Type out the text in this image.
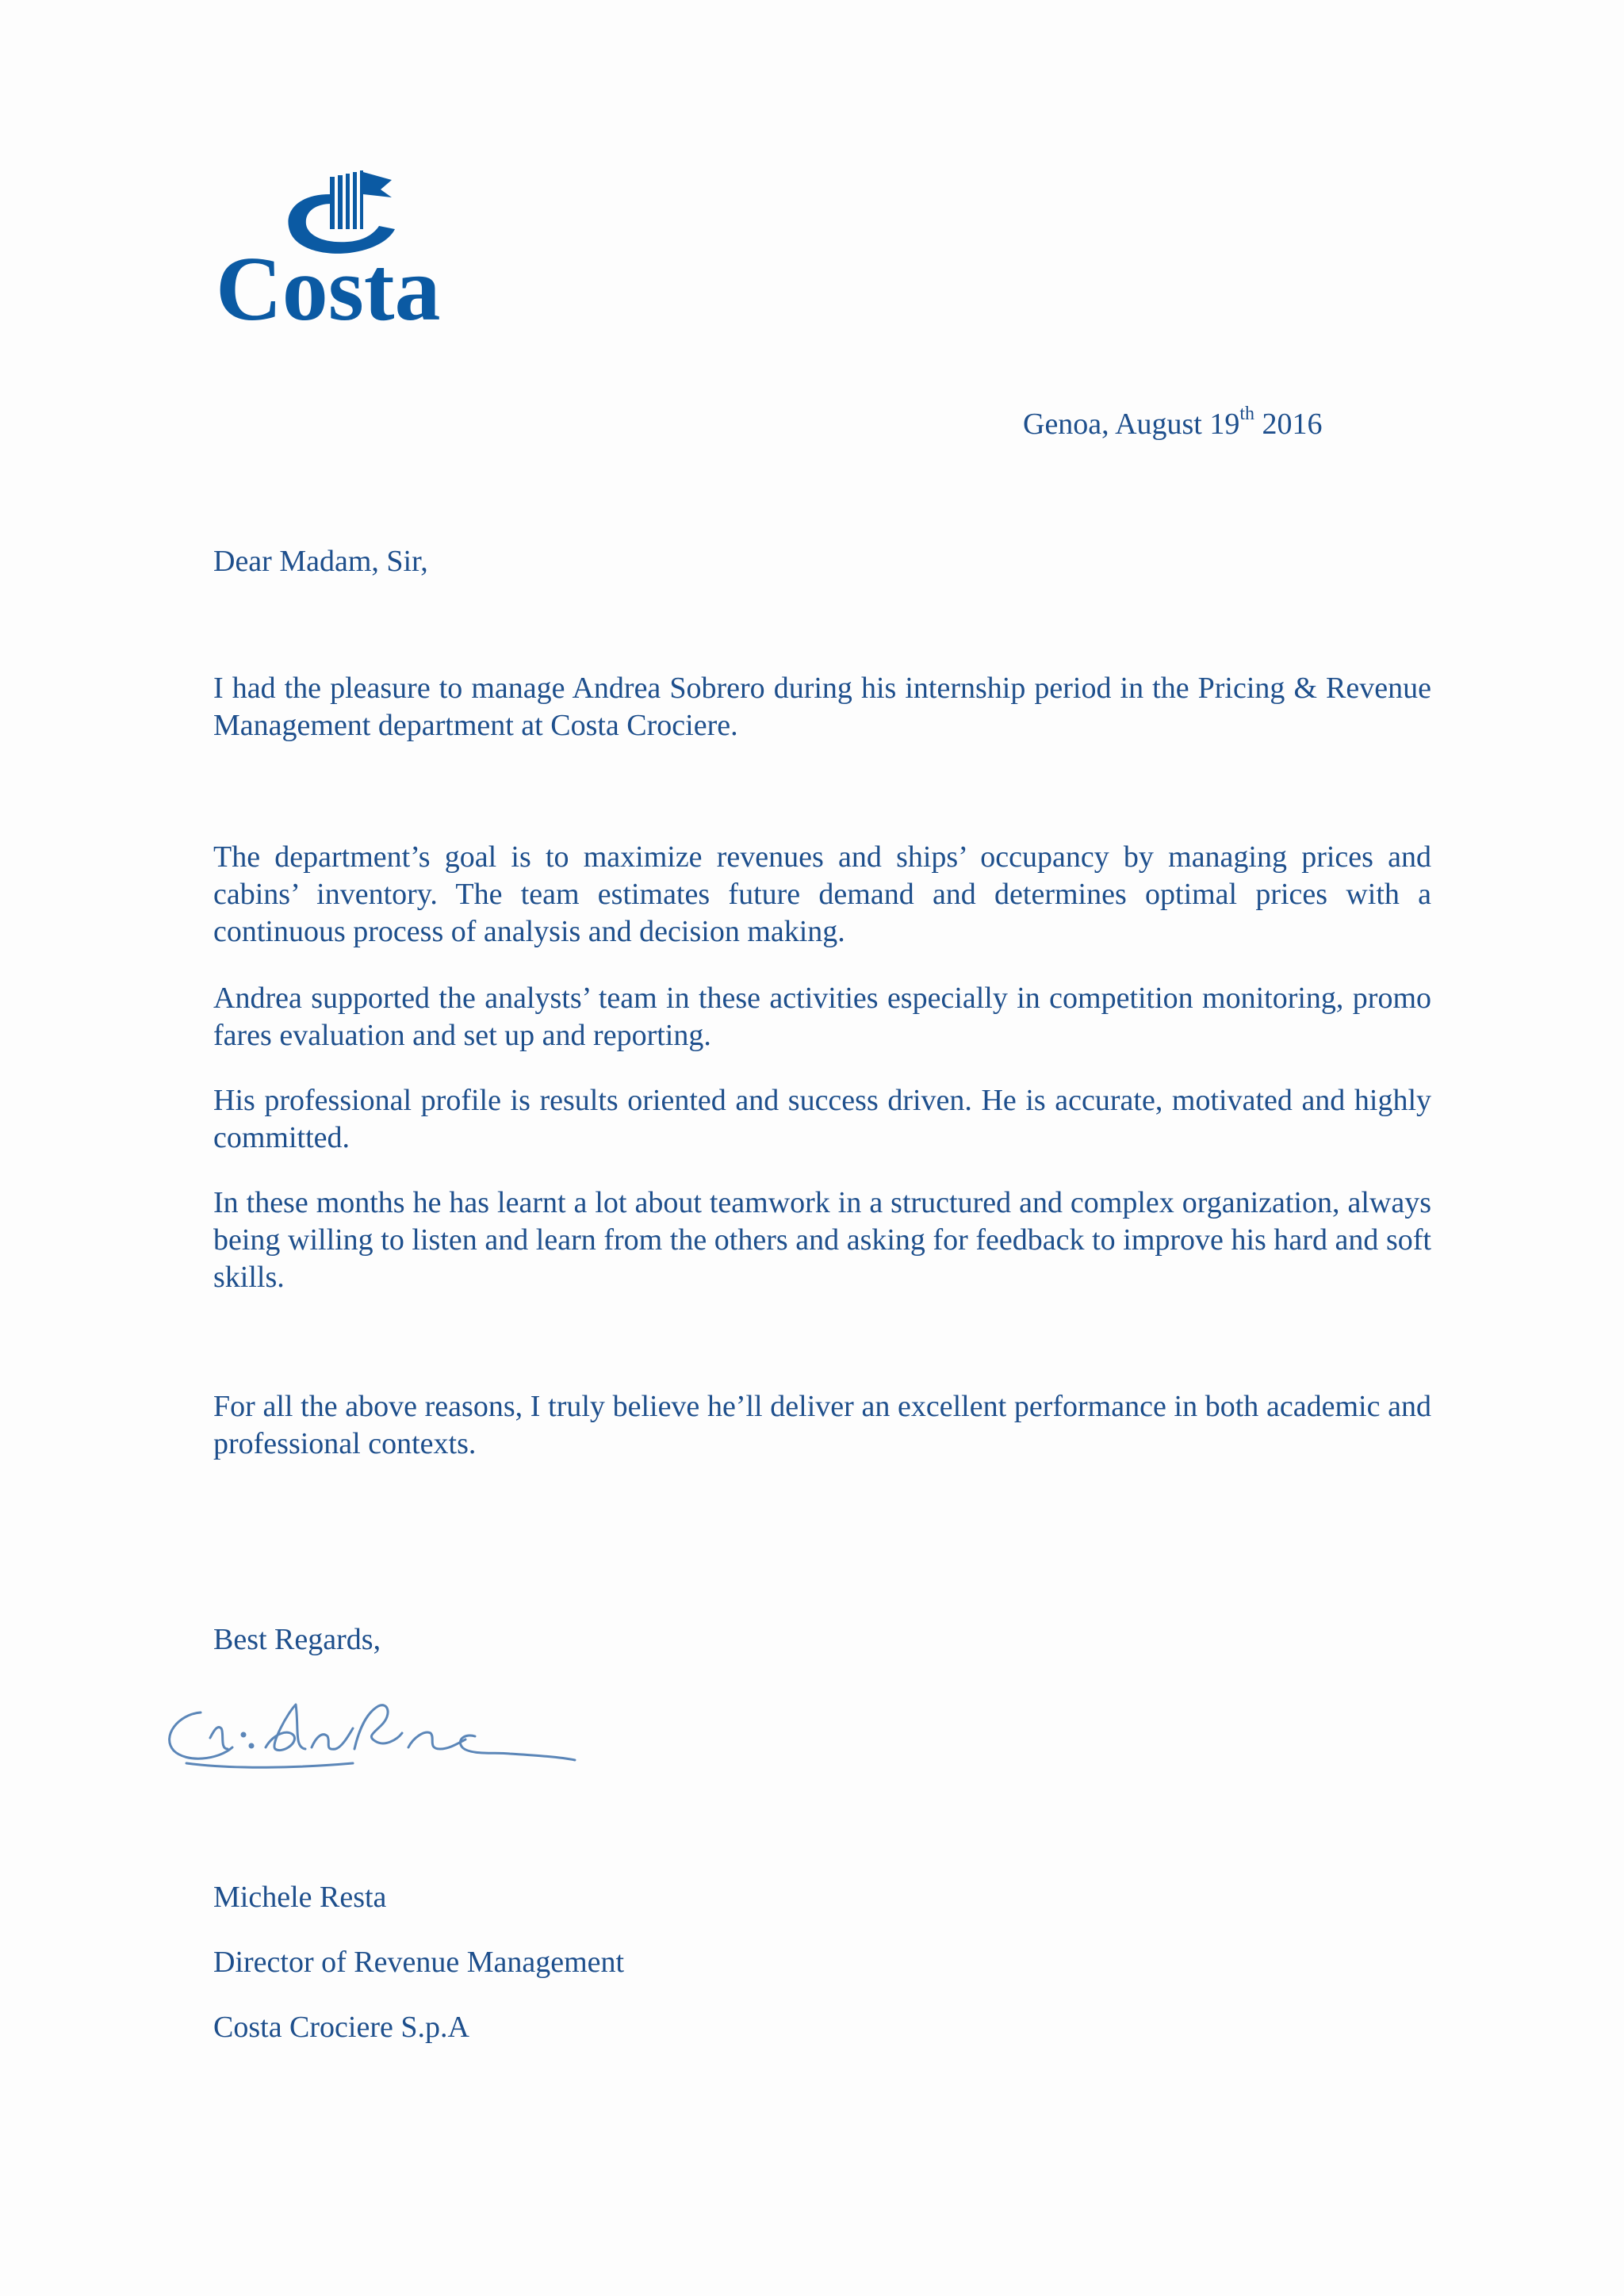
Costa
Genoa, August 19th 2016
Dear Madam, Sir,

I had the pleasure to manage Andrea Sobrero during his internship period in the Pricing & Revenue Management department at Costa Crociere.

The department’s goal is to maximize revenues and ships’ occupancy by managing prices and cabins’ inventory. The team estimates future demand and determines optimal prices with a continuous process of analysis and decision making.

Andrea supported the analysts’ team in these activities especially in competition monitoring, promo fares evaluation and set up and reporting.

His professional profile is results oriented and success driven. He is accurate, motivated and highly committed.

In these months he has learnt a lot about teamwork in a structured and complex organization, always being willing to listen and learn from the others and asking for feedback to improve his hard and soft skills.

For all the above reasons, I truly believe he’ll deliver an excellent performance in both academic and professional contexts.

Best Regards,
Michele Resta
Director of Revenue Management
Costa Crociere S.p.A
